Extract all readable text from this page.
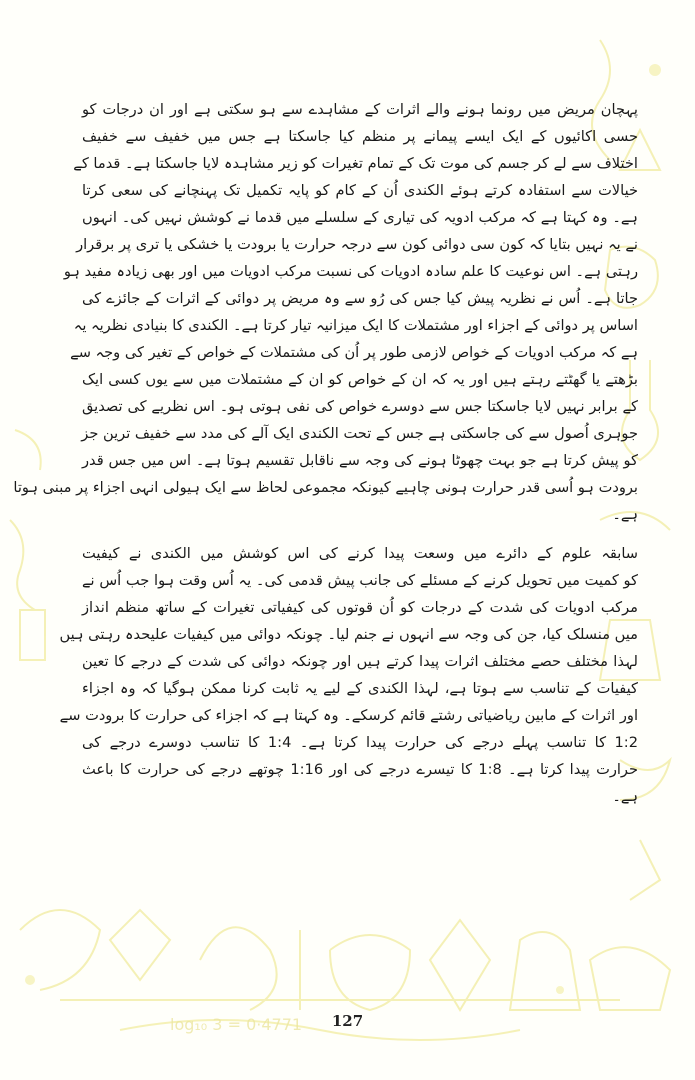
log₁₀ 3 = 0·4771
پہچان مریض میں رونما ہونے والے اثرات کے مشاہدے سے ہو سکتی ہے اور ان درجات کو
حسی اکائیوں کے ایک ایسے پیمانے پر منظم کیا جاسکتا ہے جس میں خفیف سے خفیف
اختلاف سے لے کر جسم کی موت تک کے تمام تغیرات کو زیر مشاہدہ لایا جاسکتا ہے۔ قدما کے
خیالات سے استفادہ کرتے ہوئے الکندی اُن کے کام کو پایہ تکمیل تک پہنچانے کی سعی کرتا
ہے۔ وہ کہتا ہے کہ مرکب ادویہ کی تیاری کے سلسلے میں قدما نے کوشش نہیں کی۔ انہوں
نے یہ نہیں بتایا کہ کون سی دوائی کون سے درجہ حرارت یا برودت یا خشکی یا تری پر برقرار
رہتی ہے۔ اس نوعیت کا علم سادہ ادویات کی نسبت مرکب ادویات میں اور بھی زیادہ مفید ہو
جاتا ہے۔ اُس نے نظریہ پیش کیا جس کی رُو سے وہ مریض پر دوائی کے اثرات کے جائزے کی
اساس پر دوائی کے اجزاء اور مشتملات کا ایک میزانیہ تیار کرتا ہے۔ الکندی کا بنیادی نظریہ یہ
ہے کہ مرکب ادویات کے خواص لازمی طور پر اُن کی مشتملات کے خواص کے تغیر کی وجہ سے
بڑھتے یا گھٹتے رہتے ہیں اور یہ کہ ان کے خواص کو ان کے مشتملات میں سے یوں کسی ایک
کے برابر نہیں لایا جاسکتا جس سے دوسرے خواص کی نفی ہوتی ہو۔ اس نظریے کی تصدیق
جوہری اُصول سے کی جاسکتی ہے جس کے تحت الکندی ایک آلے کی مدد سے خفیف ترین جز
کو پیش کرتا ہے جو بہت چھوٹا ہونے کی وجہ سے ناقابل تقسیم ہوتا ہے۔ اس میں جس قدر
برودت ہو اُسی قدر حرارت ہونی چاہیے کیونکہ مجموعی لحاظ سے ایک ہیولی انہی اجزاء پر مبنی ہوتا
ہے۔
سابقہ علوم کے دائرے میں وسعت پیدا کرنے کی اس کوشش میں الکندی نے کیفیت
کو کمیت میں تحویل کرنے کے مسئلے کی جانب پیش قدمی کی۔ یہ اُس وقت ہوا جب اُس نے
مرکب ادویات کی شدت کے درجات کو اُن قوتوں کی کیفیاتی تغیرات کے ساتھ منظم انداز
میں منسلک کیا، جن کی وجہ سے انہوں نے جنم لیا۔ چونکہ دوائی میں کیفیات علیحدہ رہتی ہیں
لہذا مختلف حصے مختلف اثرات پیدا کرتے ہیں اور چونکہ دوائی کی شدت کے درجے کا تعین
کیفیات کے تناسب سے ہوتا ہے، لہذا الکندی کے لیے یہ ثابت کرنا ممکن ہوگیا کہ وہ اجزاء
اور اثرات کے مابین ریاضیاتی رشتے قائم کرسکے۔ وہ کہتا ہے کہ اجزاء کی حرارت کا برودت سے
1:2 کا تناسب پہلے درجے کی حرارت پیدا کرتا ہے۔ 1:4 کا تناسب دوسرے درجے کی
حرارت پیدا کرتا ہے۔ 1:8 کا تیسرے درجے کی اور 1:16 چوتھے درجے کی حرارت کا باعث
ہے۔
127
